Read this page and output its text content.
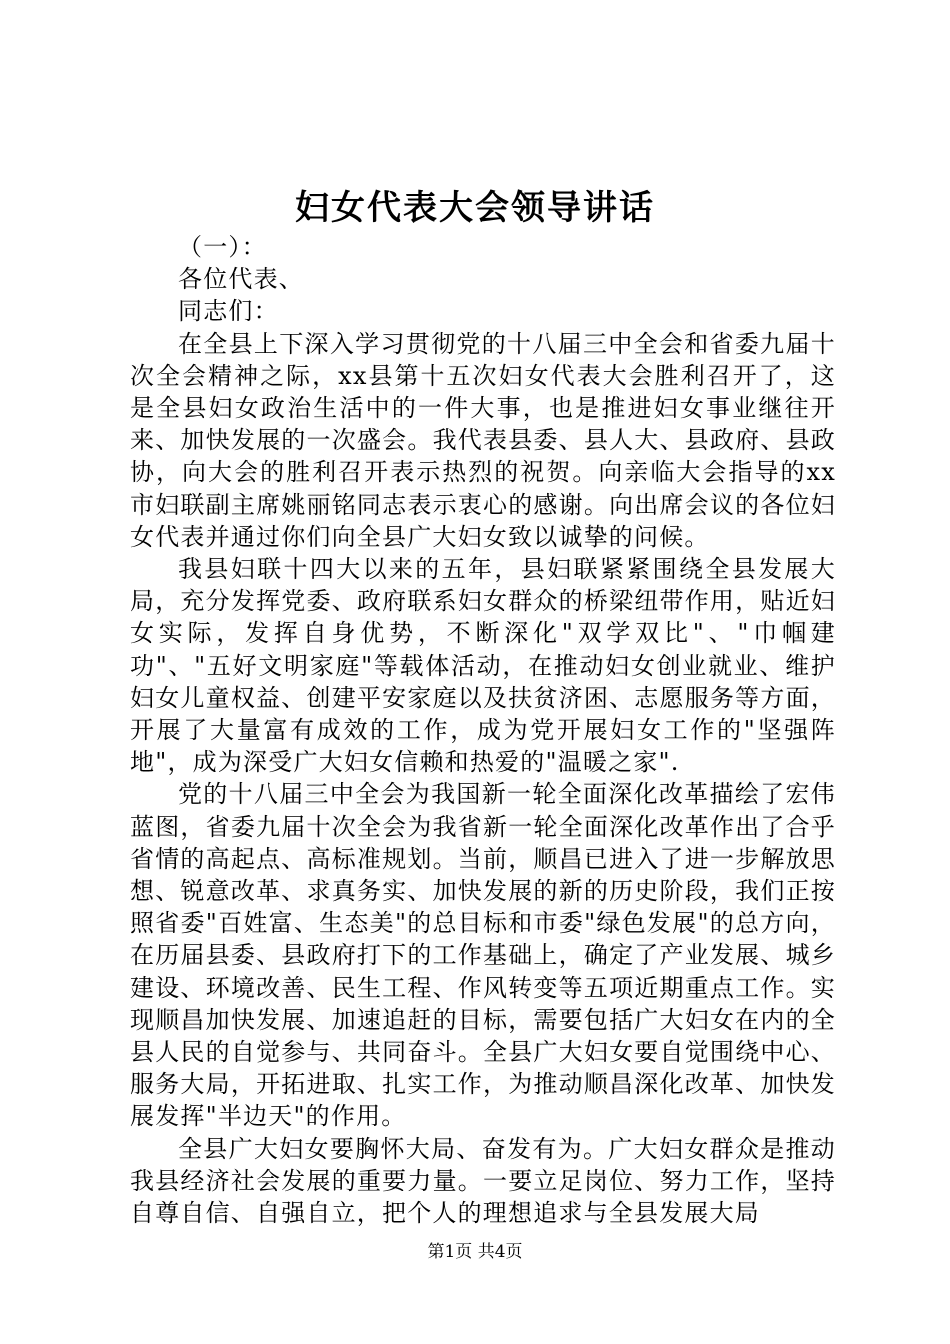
妇女代表大会领导讲话

（一）：

各位代表、

同志们：

在全县上下深入学习贯彻党的十八届三中全会和省委九届十次全会精神之际，xx县第十五次妇女代表大会胜利召开了，这是全县妇女政治生活中的一件大事，也是推进妇女事业继往开来、加快发展的一次盛会。我代表县委、县人大、县政府、县政协，向大会的胜利召开表示热烈的祝贺。向亲临大会指导的xx市妇联副主席姚丽铭同志表示衷心的感谢。向出席会议的各位妇女代表并通过你们向全县广大妇女致以诚挚的问候。

我县妇联十四大以来的五年，县妇联紧紧围绕全县发展大局，充分发挥党委、政府联系妇女群众的桥梁纽带作用，贴近妇女实际，发挥自身优势，不断深化"双学双比"、"巾帼建功"、"五好文明家庭"等载体活动，在推动妇女创业就业、维护妇女儿童权益、创建平安家庭以及扶贫济困、志愿服务等方面，开展了大量富有成效的工作，成为党开展妇女工作的"坚强阵地"，成为深受广大妇女信赖和热爱的"温暖之家".

党的十八届三中全会为我国新一轮全面深化改革描绘了宏伟蓝图，省委九届十次全会为我省新一轮全面深化改革作出了合乎省情的高起点、高标准规划。当前，顺昌已进入了进一步解放思想、锐意改革、求真务实、加快发展的新的历史阶段，我们正按照省委"百姓富、生态美"的总目标和市委"绿色发展"的总方向，在历届县委、县政府打下的工作基础上，确定了产业发展、城乡建设、环境改善、民生工程、作风转变等五项近期重点工作。实现顺昌加快发展、加速追赶的目标，需要包括广大妇女在内的全县人民的自觉参与、共同奋斗。全县广大妇女要自觉围绕中心、服务大局，开拓进取、扎实工作，为推动顺昌深化改革、加快发展发挥"半边天"的作用。

全县广大妇女要胸怀大局、奋发有为。广大妇女群众是推动我县经济社会发展的重要力量。一要立足岗位、努力工作，坚持自尊自信、自强自立，把个人的理想追求与全县发展大局

第1页 共4页
